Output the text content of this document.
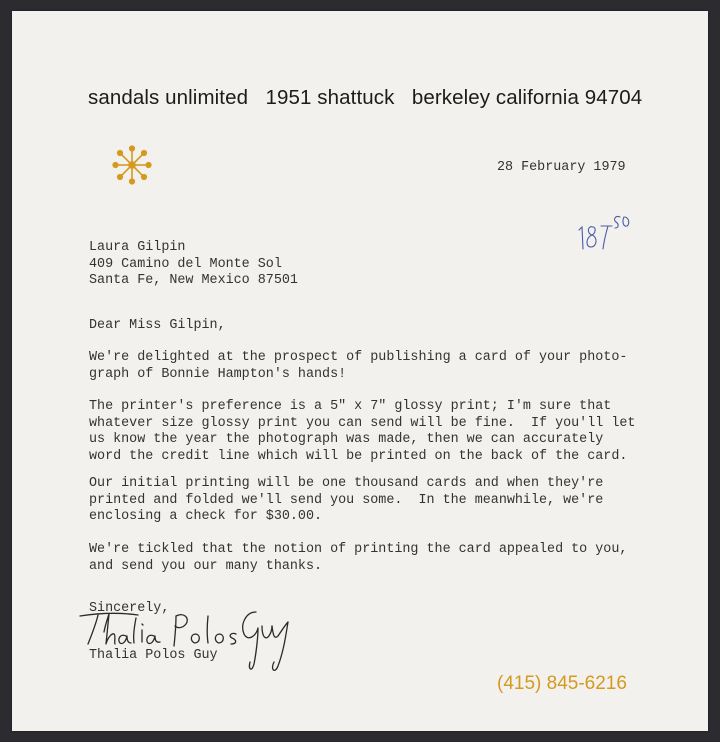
sandals unlimited 1951 shattuck berkeley california 94704
28 February 1979
Laura Gilpin
409 Camino del Monte Sol
Santa Fe, New Mexico 87501
Dear Miss Gilpin,
We're delighted at the prospect of publishing a card of your photo-
graph of Bonnie Hampton's hands!
The printer's preference is a 5" x 7" glossy print; I'm sure that
whatever size glossy print you can send will be fine.  If you'll let
us know the year the photograph was made, then we can accurately
word the credit line which will be printed on the back of the card.
Our initial printing will be one thousand cards and when they're
printed and folded we'll send you some.  In the meanwhile, we're
enclosing a check for $30.00.
We're tickled that the notion of printing the card appealed to you,
and send you our many thanks.
Sincerely,
Thalia Polos Guy
(415) 845-6216
